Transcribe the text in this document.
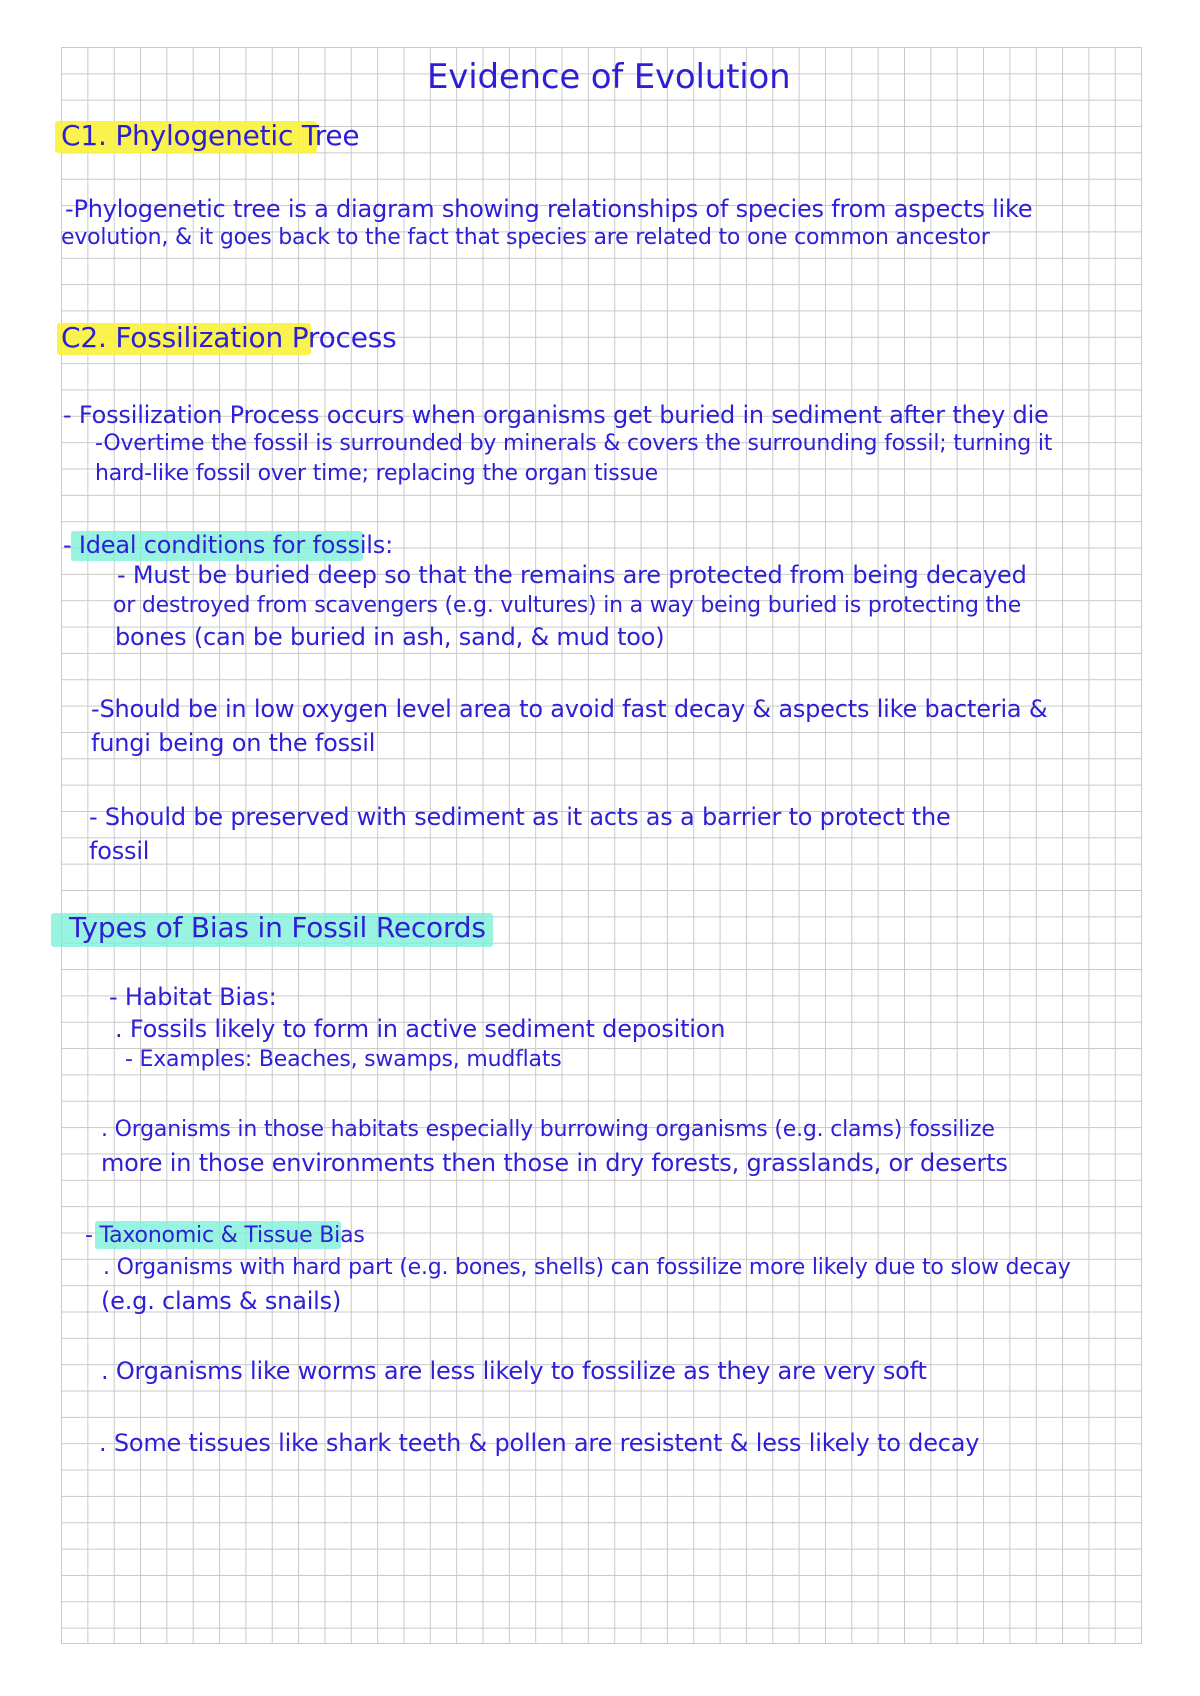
Evidence of Evolution
C1. Phylogenetic Tree
-Phylogenetic tree is a diagram showing relationships of species from aspects like
evolution, & it goes back to the fact that species are related to one common ancestor
C2. Fossilization Process
- Fossilization Process occurs when organisms get buried in sediment after they die
-Overtime the fossil is surrounded by minerals & covers the surrounding fossil; turning it
hard-like fossil over time; replacing the organ tissue
- Ideal conditions for fossils:
- Must be buried deep so that the remains are protected from being decayed
or destroyed from scavengers (e.g. vultures) in a way being buried is protecting the
bones (can be buried in ash, sand, & mud too)
-Should be in low oxygen level area to avoid fast decay & aspects like bacteria &
fungi being on the fossil
- Should be preserved with sediment as it acts as a barrier to protect the
fossil
Types of Bias in Fossil Records
- Habitat Bias:
. Fossils likely to form in active sediment deposition
- Examples: Beaches, swamps, mudflats
. Organisms in those habitats especially burrowing organisms (e.g. clams) fossilize
more in those environments then those in dry forests, grasslands, or deserts
- Taxonomic & Tissue Bias
. Organisms with hard part (e.g. bones, shells) can fossilize more likely due to slow decay
(e.g. clams & snails)
. Organisms like worms are less likely to fossilize as they are very soft
. Some tissues like shark teeth & pollen are resistent & less likely to decay
